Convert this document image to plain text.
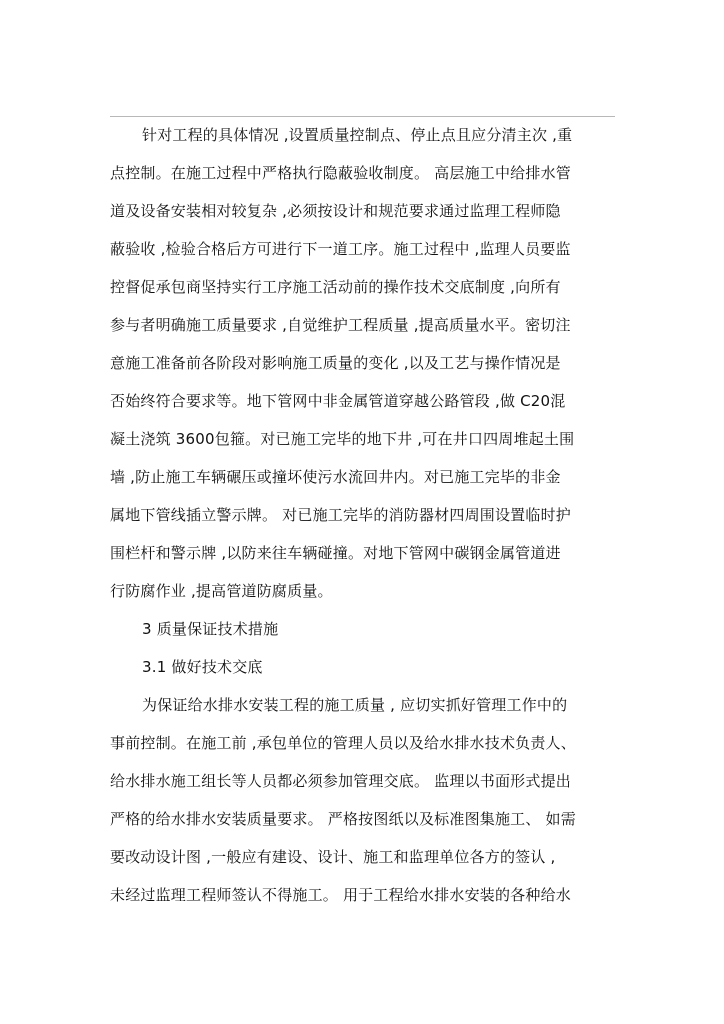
针对工程的具体情况 ,设置质量控制点、停止点且应分清主次 ,重
点控制。在施工过程中严格执行隐蔽验收制度。 高层施工中给排水管
道及设备安装相对较复杂 ,必须按设计和规范要求通过监理工程师隐
蔽验收 ,检验合格后方可进行下一道工序。施工过程中 ,监理人员要监
控督促承包商坚持实行工序施工活动前的操作技术交底制度 ,向所有
参与者明确施工质量要求 ,自觉维护工程质量 ,提高质量水平。密切注
意施工准备前各阶段对影响施工质量的变化 ,以及工艺与操作情况是
否始终符合要求等。地下管网中非金属管道穿越公路管段 ,做 C20混
凝土浇筑 3600包箍。对已施工完毕的地下井 ,可在井口四周堆起土围
墙 ,防止施工车辆碾压或撞坏使污水流回井内。对已施工完毕的非金
属地下管线插立警示牌。 对已施工完毕的消防器材四周围设置临时护
围栏杆和警示牌 ,以防来往车辆碰撞。对地下管网中碳钢金属管道进
行防腐作业 ,提高管道防腐质量。
3 质量保证技术措施
3.1 做好技术交底
为保证给水排水安装工程的施工质量 , 应切实抓好管理工作中的
事前控制。在施工前 ,承包单位的管理人员以及给水排水技术负责人、
给水排水施工组长等人员都必须参加管理交底。 监理以书面形式提出
严格的给水排水安装质量要求。 严格按图纸以及标准图集施工、 如需
要改动设计图 ,一般应有建设、设计、施工和监理单位各方的签认 ,
未经过监理工程师签认不得施工。 用于工程给水排水安装的各种给水
